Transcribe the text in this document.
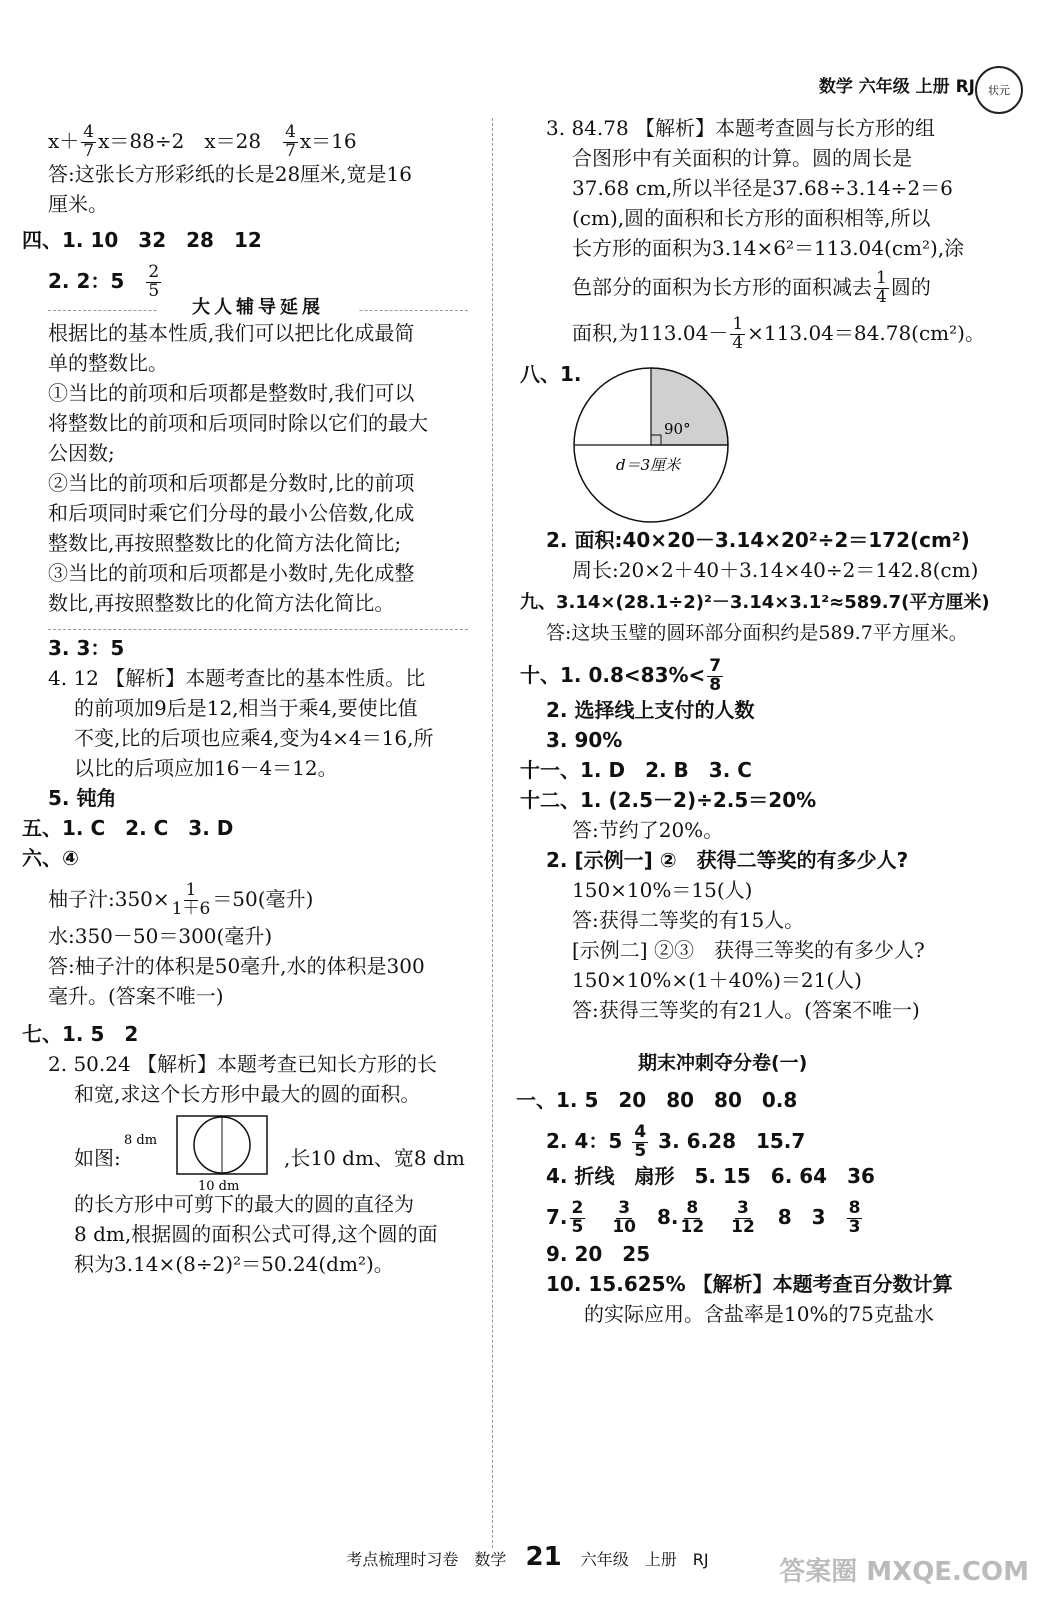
数学 六年级 上册 RJ	状元
$x+ \frac{4}{7} x=88\div 2$　x＝28　 $\frac{4}{7} x=16$
答:这张长方形彩纸的长是28厘米,宽是16
厘米。
四、1. 10　32　28　12
2. 2：5　 $\frac{2}{5}$
大人辅导延展
根据比的基本性质,我们可以把比化成最简
单的整数比。
①当比的前项和后项都是整数时,我们可以
将整数比的前项和后项同时除以它们的最大
公因数;
②当比的前项和后项都是分数时,比的前项
和后项同时乘它们分母的最小公倍数,化成
整数比,再按照整数比的化简方法化简比;
③当比的前项和后项都是小数时,先化成整
数比,再按照整数比的化简方法化简比。
3. 3：5
4. 12 【解析】本题考查比的基本性质。比
的前项加9后是12,相当于乘4,要使比值
不变,比的后项也应乘4,变为4×4＝16,所
以比的后项应加16－4＝12。
5. 钝角
五、1. C　2. C　3. D
六、④
柚子汁:350× $\frac{1}{1+6} =50$(毫升)
水:350－50＝300(毫升)
答:柚子汁的体积是50毫升,水的体积是300
毫升。(答案不唯一)
七、1. 5　2
2. 50.24 【解析】本题考查已知长方形的长
和宽,求这个长方形中最大的圆的面积。
如图:
8 dm
10 dm
,长10 dm、宽8 dm
的长方形中可剪下的最大的圆的直径为
8 dm,根据圆的面积公式可得,这个圆的面
积为3.14×(8÷2)²＝50.24(dm²)。
3. 84.78 【解析】本题考查圆与长方形的组
合图形中有关面积的计算。圆的周长是
37.68 cm,所以半径是37.68÷3.14÷2＝6
(cm),圆的面积和长方形的面积相等,所以
长方形的面积为3.14×6²＝113.04(cm²),涂
色部分的面积为长方形的面积减去 $\frac{1}{4}$ 圆的
面积,为$113.04- \frac{1}{4} \times 113.04=84.78(cm^2)$。
八、1.
90°
d＝3厘米
2. 面积:40×20－3.14×20²÷2＝172(cm²)
周长:20×2＋40＋3.14×40÷2＝142.8(cm)
九、3.14×(28.1÷2)²－3.14×3.1²≈589.7(平方厘米)
答:这块玉璧的圆环部分面积约是589.7平方厘米。
十、1. $0.8<83\%< \frac{7}{8}$
2. 选择线上支付的人数
3. 90%
十一、1. D　2. B　3. C
十二、1. (2.5－2)÷2.5＝20%
答:节约了20%。
2. [示例一] ②　获得二等奖的有多少人?
150×10%＝15(人)
答:获得二等奖的有15人。
[示例二] ②③　获得三等奖的有多少人?
150×10%×(1＋40%)＝21(人)
答:获得三等奖的有21人。(答案不唯一)
期末冲刺夺分卷(一)
一、1. 5　20　80　80　0.8
2. 4：$5 \frac{4}{5} 3$. 6.28　15.7
4. 折线　扇形　5. 15　6. 64　36
7. $\frac{2}{5}$
$\frac{3}{10} 8$. $\frac{8}{12}$
$\frac{3}{12} 8$　$3 \frac{8}{3}$
9. 20　25
10. 15.625% 【解析】本题考查百分数计算
的实际应用。含盐率是10%的75克盐水
考点梳理时习卷　数学 21 六年级　上册　RJ	答案圈 MXQE.COM
